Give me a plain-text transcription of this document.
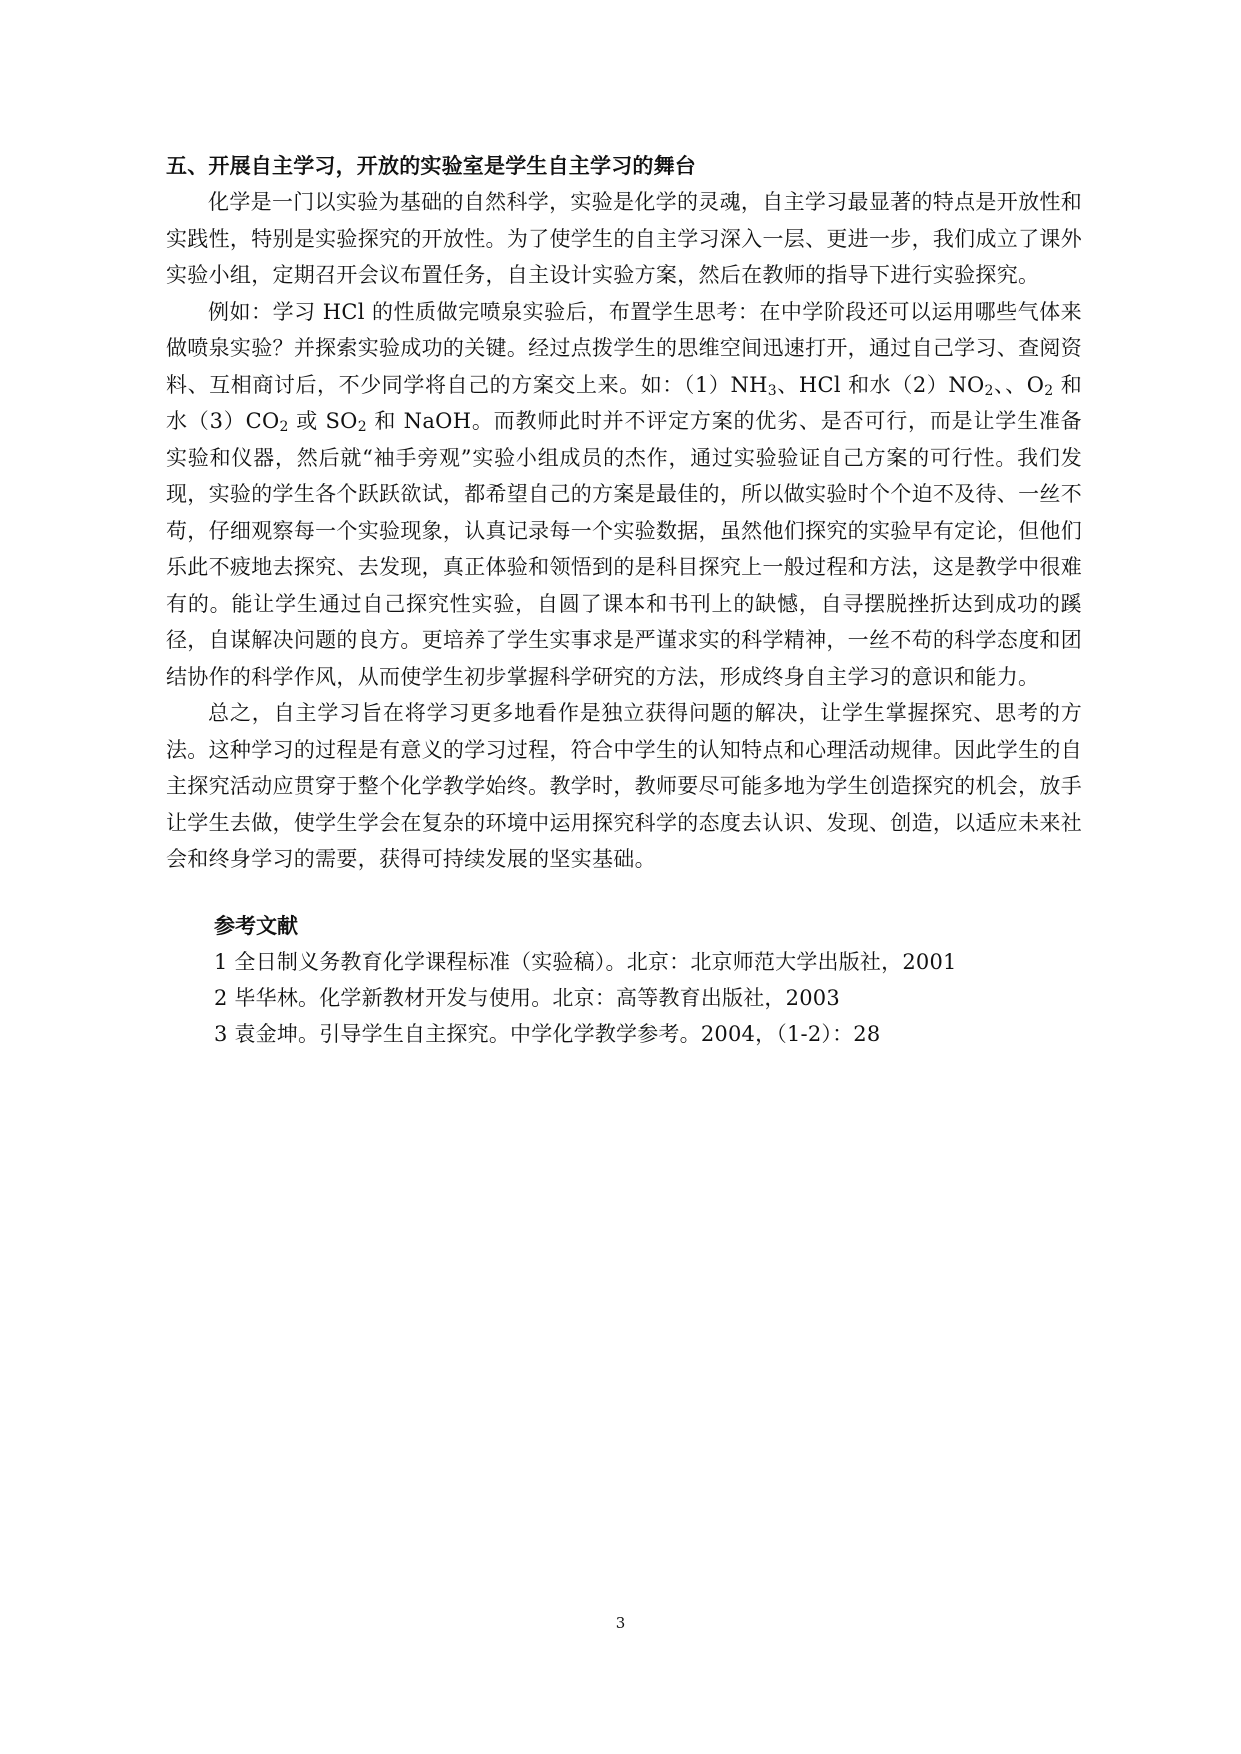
五、开展自主学习，开放的实验室是学生自主学习的舞台

化学是一门以实验为基础的自然科学，实验是化学的灵魂，自主学习最显著的特点是开放性和实践性，特别是实验探究的开放性。为了使学生的自主学习深入一层、更进一步，我们成立了课外实验小组，定期召开会议布置任务，自主设计实验方案，然后在教师的指导下进行实验探究。

例如：学习 HCl 的性质做完喷泉实验后，布置学生思考：在中学阶段还可以运用哪些气体来做喷泉实验？并探索实验成功的关键。经过点拨学生的思维空间迅速打开，通过自己学习、查阅资料、互相商讨后，不少同学将自己的方案交上来。如：$(1)NH_3$、HCl 和水$(2)NO_2$、、$O_2$ 和水$(3)CO_2$ 或 $SO_2$ 和 NaOH。而教师此时并不评定方案的优劣、是否可行，而是让学生准备实验和仪器，然后就“袖手旁观”实验小组成员的杰作，通过实验验证自己方案的可行性。我们发现，实验的学生各个跃跃欲试，都希望自己的方案是最佳的，所以做实验时个个迫不及待、一丝不苟，仔细观察每一个实验现象，认真记录每一个实验数据，虽然他们探究的实验早有定论，但他们乐此不疲地去探究、去发现，真正体验和领悟到的是科目探究上一般过程和方法，这是教学中很难有的。能让学生通过自己探究性实验，自圆了课本和书刊上的缺憾，自寻摆脱挫折达到成功的蹊径，自谋解决问题的良方。更培养了学生实事求是严谨求实的科学精神，一丝不苟的科学态度和团结协作的科学作风，从而使学生初步掌握科学研究的方法，形成终身自主学习的意识和能力。

总之，自主学习旨在将学习更多地看作是独立获得问题的解决，让学生掌握探究、思考的方法。这种学习的过程是有意义的学习过程，符合中学生的认知特点和心理活动规律。因此学生的自主探究活动应贯穿于整个化学教学始终。教学时，教师要尽可能多地为学生创造探究的机会，放手让学生去做，使学生学会在复杂的环境中运用探究科学的态度去认识、发现、创造，以适应未来社会和终身学习的需要，获得可持续发展的坚实基础。

参考文献

1 全日制义务教育化学课程标准（实验稿）。北京：北京师范大学出版社，2001

2 毕华林。化学新教材开发与使用。北京：高等教育出版社，2003

3 袁金坤。引导学生自主探究。中学化学教学参考。2004，（1-2）：28

3
